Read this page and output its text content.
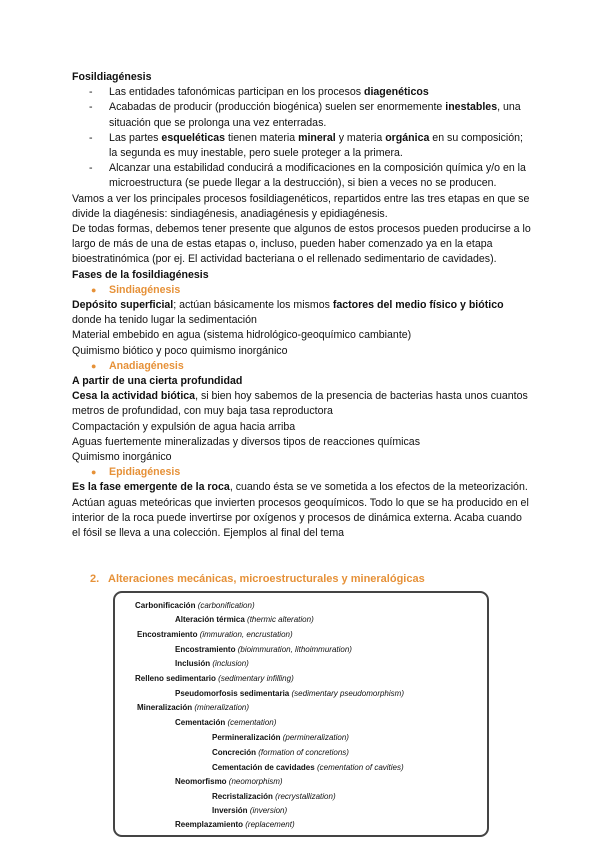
Fosildiagénesis

- Las entidades tafonómicas participan en los procesos diagenéticos
- Acabadas de producir (producción biogénica) suelen ser enormemente inestables, una situación que se prolonga una vez enterradas.
- Las partes esqueléticas tienen materia mineral y materia orgánica en su composición; la segunda es muy inestable, pero suele proteger a la primera.
- Alcanzar una estabilidad conducirá a modificaciones en la composición química y/o en la microestructura (se puede llegar a la destrucción), si bien a veces no se producen.

Vamos a ver los principales procesos fosildiagenéticos, repartidos entre las tres etapas en que se divide la diagénesis: sindiagénesis, anadiagénesis y epidiagénesis.

De todas formas, debemos tener presente que algunos de estos procesos pueden producirse a lo largo de más de una de estas etapas o, incluso, pueden haber comenzado ya en la etapa bioestratinómica (por ej. El actividad bacteriana o el rellenado sedimentario de cavidades).

Fases de la fosildiagénesis

● Sindiagénesis

Depósito superficial; actúan básicamente los mismos factores del medio físico y biótico donde ha tenido lugar la sedimentación

Material embebido en agua (sistema hidrológico-geoquímico cambiante)

Quimismo biótico y poco quimismo inorgánico

● Anadiagénesis

A partir de una cierta profundidad

Cesa la actividad biótica, si bien hoy sabemos de la presencia de bacterias hasta unos cuantos metros de profundidad, con muy baja tasa reproductora

Compactación y expulsión de agua hacia arriba

Aguas fuertemente mineralizadas y diversos tipos de reacciones químicas

Quimismo inorgánico

● Epidiagénesis

Es la fase emergente de la roca, cuando ésta se ve sometida a los efectos de la meteorización. Actúan aguas meteóricas que invierten procesos geoquímicos. Todo lo que se ha producido en el interior de la roca puede invertirse por oxígenos y procesos de dinámica externa. Acaba cuando el fósil se lleva a una colección. Ejemplos al final del tema

2. Alteraciones mecánicas, microestructurales y mineralógicas
Carbonificación (carbonification)
Alteración térmica (thermic alteration)
Encostramiento (immuration, encrustation)
Encostramiento (bioimmuration, lithoimmuration)
Inclusión (inclusion)
Relleno sedimentario (sedimentary infilling)
Pseudomorfosis sedimentaria (sedimentary pseudomorphism)
Mineralización (mineralization)
Cementación (cementation)
Permineralización (permineralization)
Concreción (formation of concretions)
Cementación de cavidades (cementation of cavities)
Neomorfismo (neomorphism)
Recristalización (recrystallization)
Inversión (inversion)
Reemplazamiento (replacement)
